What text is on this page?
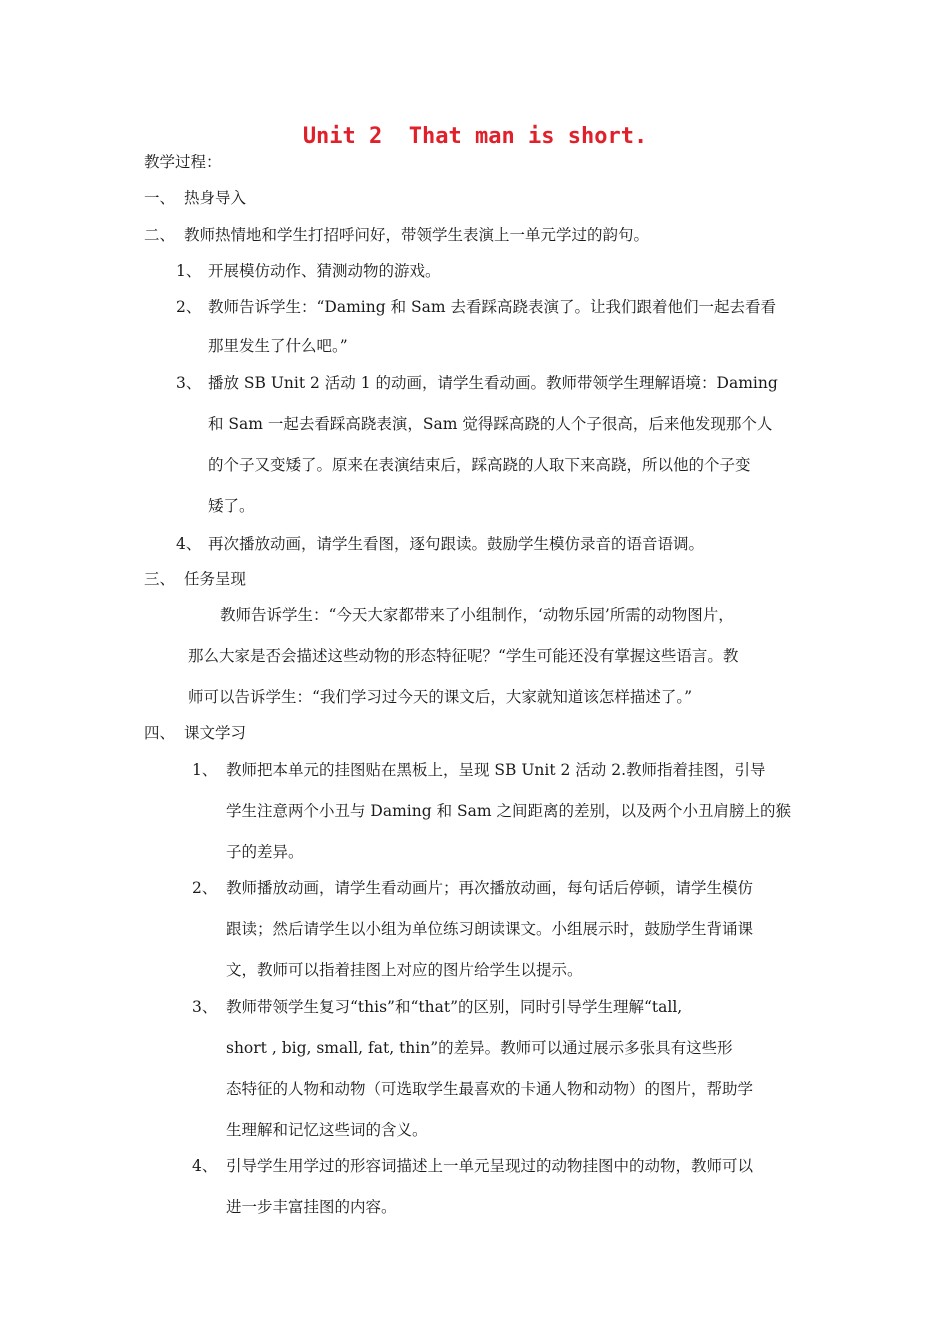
Unit 2  That man is short.
教学过程：
一、 热身导入
二、 教师热情地和学生打招呼问好，带领学生表演上一单元学过的韵句。
1、 开展模仿动作、猜测动物的游戏。
2、 教师告诉学生：“Daming 和 Sam 去看踩高跷表演了。让我们跟着他们一起去看看
那里发生了什么吧。”
3、 播放 SB Unit 2 活动 1 的动画，请学生看动画。教师带领学生理解语境：Daming
和 Sam 一起去看踩高跷表演，Sam 觉得踩高跷的人个子很高，后来他发现那个人
的个子又变矮了。原来在表演结束后，踩高跷的人取下来高跷，所以他的个子变
矮了。
4、 再次播放动画，请学生看图，逐句跟读。鼓励学生模仿录音的语音语调。
三、 任务呈现
教师告诉学生：“今天大家都带来了小组制作，‘动物乐园’所需的动物图片，
那么大家是否会描述这些动物的形态特征呢？“学生可能还没有掌握这些语言。教
师可以告诉学生：“我们学习过今天的课文后，大家就知道该怎样描述了。”
四、 课文学习
1、 教师把本单元的挂图贴在黑板上，呈现 SB Unit 2 活动 2.教师指着挂图，引导
学生注意两个小丑与 Daming 和 Sam 之间距离的差别，以及两个小丑肩膀上的猴
子的差异。
2、 教师播放动画，请学生看动画片；再次播放动画，每句话后停顿，请学生模仿
跟读；然后请学生以小组为单位练习朗读课文。小组展示时，鼓励学生背诵课
文，教师可以指着挂图上对应的图片给学生以提示。
3、 教师带领学生复习“this”和“that”的区别，同时引导学生理解“tall,
short , big, small, fat, thin”的差异。教师可以通过展示多张具有这些形
态特征的人物和动物（可选取学生最喜欢的卡通人物和动物）的图片，帮助学
生理解和记忆这些词的含义。
4、 引导学生用学过的形容词描述上一单元呈现过的动物挂图中的动物，教师可以
进一步丰富挂图的内容。
